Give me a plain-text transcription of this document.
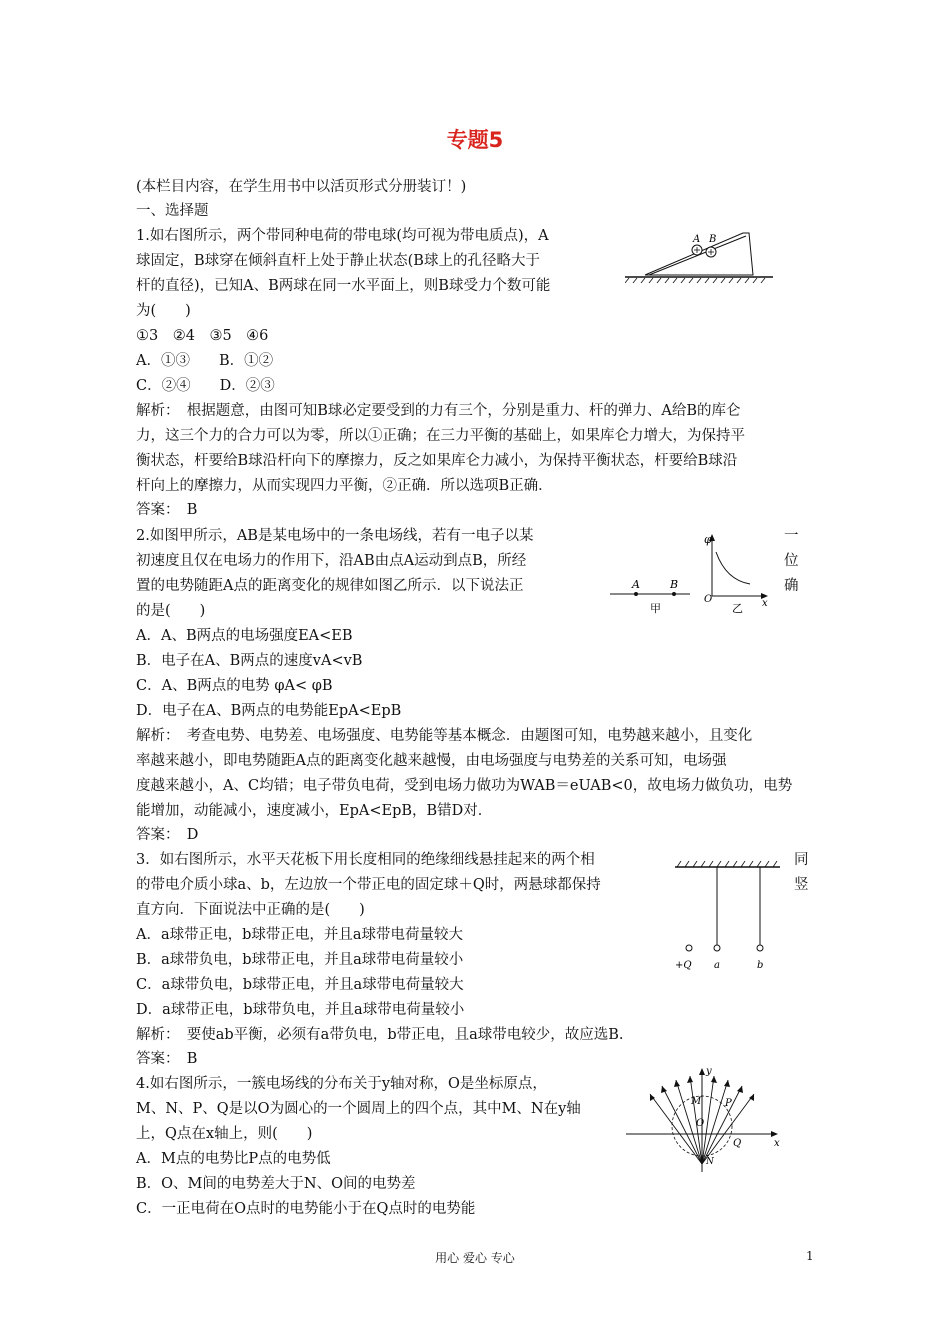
专题5
(本栏目内容，在学生用书中以活页形式分册装订！)
一、选择题
1.如右图所示，两个带同种电荷的带电球(均可视为带电质点)，A
球固定，B球穿在倾斜直杆上处于静止状态(B球上的孔径略大于
杆的直径)，已知A、B两球在同一水平面上，则B球受力个数可能
为(　　)
①3　②4　③5　④6
A．①③　　B．①②
C．②④　　D．②③
解析：　根据题意，由图可知B球必定要受到的力有三个，分别是重力、杆的弹力、A给B的库仑
力，这三个力的合力可以为零，所以①正确；在三力平衡的基础上，如果库仑力增大，为保持平
衡状态，杆要给B球沿杆向下的摩擦力，反之如果库仑力减小，为保持平衡状态，杆要给B球沿
杆向上的摩擦力，从而实现四力平衡，②正确．所以选项B正确．
答案：　B
A B
2.如图甲所示，AB是某电场中的一条电场线，若有一电子以某
初速度且仅在电场力的作用下，沿AB由点A运动到点B，所经
置的电势随距A点的距离变化的规律如图乙所示．以下说法正
的是(　　)
一
位
确
A．A、B两点的电场强度EA<EB
B．电子在A、B两点的速度vA<vB
C．A、B两点的电势 φA< φB
D．电子在A、B两点的电势能EpA<EpB
解析：　考查电势、电势差、电场强度、电势能等基本概念．由题图可知，电势越来越小，且变化
率越来越小，即电势随距A点的距离变化越来越慢，由电场强度与电势差的关系可知，电场强
度越来越小，A、C均错；电子带负电荷，受到电场力做功为WAB＝eUAB<0，故电场力做负功，电势
能增加，动能减小，速度减小，EpA<EpB，B错D对．
答案：　D
A	B
甲
φ
O	x
乙
3．如右图所示，水平天花板下用长度相同的绝缘细线悬挂起来的两个相
的带电介质小球a、b，左边放一个带正电的固定球＋Q时，两悬球都保持
直方向．下面说法中正确的是(　　)
同
竖
A．a球带正电，b球带正电，并且a球带电荷量较大
B．a球带负电，b球带正电，并且a球带电荷量较小
C．a球带负电，b球带正电，并且a球带电荷量较大
D．a球带正电，b球带负电，并且a球带电荷量较小
解析：　要使ab平衡，必须有a带负电，b带正电，且a球带电较少，故应选B.
答案：　B
+Q a	b
4.如右图所示，一簇电场线的分布关于y轴对称，O是坐标原点，
M、N、P、Q是以O为圆心的一个圆周上的四个点，其中M、N在y轴
上，Q点在x轴上，则(　　)
A．M点的电势比P点的电势低
B．O、M间的电势差大于N、O间的电势差
C．一正电荷在O点时的电势能小于在Q点时的电势能
y
x
M P
O
Q
N
用心 爱心 专心	1
